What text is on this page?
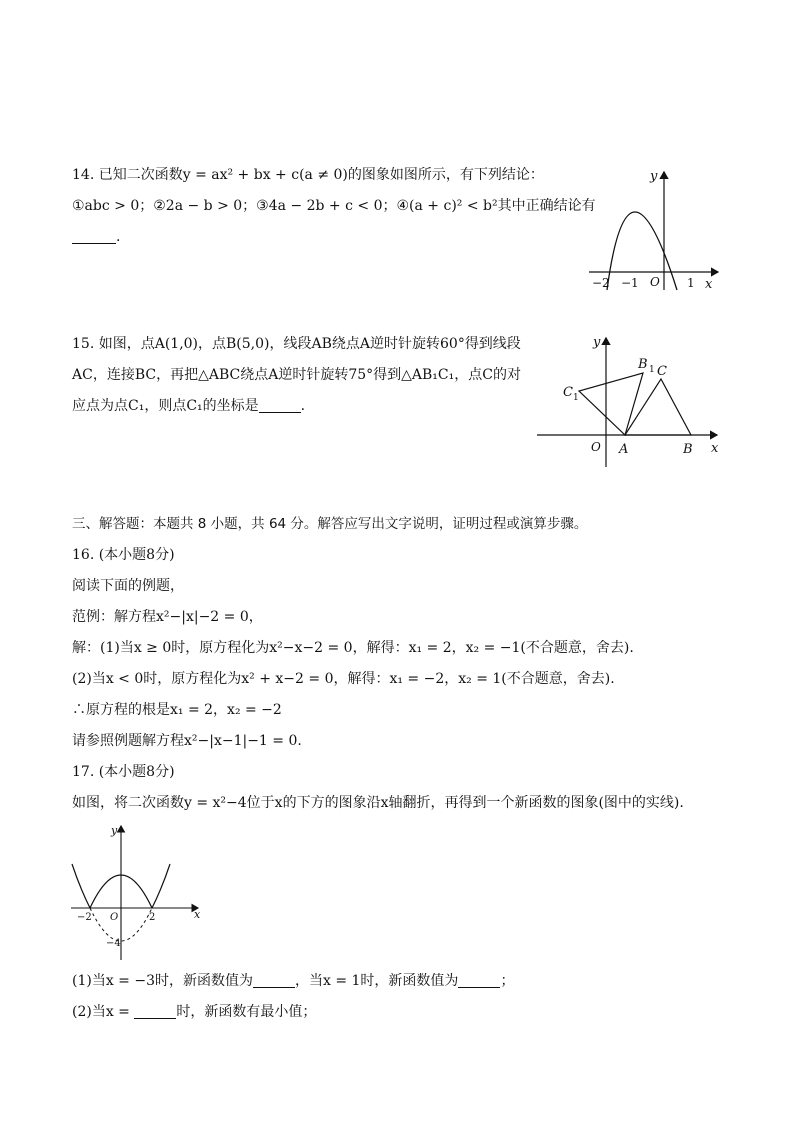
14. 已知二次函数y = ax² + bx + c(a ≠ 0)的图象如图所示，有下列结论：
①abc > 0；②2a − b > 0；③4a − 2b + c < 0；④(a + c)² < b²其中正确结论有
.
y
x
O
−2 −1	1
15. 如图，点A(1,0)，点B(5,0)，线段AB绕点A逆时针旋转60°得到线段
AC，连接BC，再把△ABC绕点A逆时针旋转75°得到△AB₁C₁，点C的对
应点为点C₁，则点C₁的坐标是	.
y
x
O A	B
C
B 1
C 1
三、解答题：本题共 8 小题，共 64 分。解答应写出文字说明，证明过程或演算步骤。
16. (本小题8分)
阅读下面的例题，
范例：解方程x²−|x|−2 = 0，
解：(1)当x ≥ 0时，原方程化为x²−x−2 = 0，解得：x₁ = 2，x₂ = −1(不合题意，舍去).
(2)当x < 0时，原方程化为x² + x−2 = 0，解得：x₁ = −2，x₂ = 1(不合题意，舍去).
∴原方程的根是x₁ = 2，x₂ = −2
请参照例题解方程x²−|x−1|−1 = 0.
17. (本小题8分)
如图，将二次函数y = x²−4位于x的下方的图象沿x轴翻折，再得到一个新函数的图象(图中的实线).
y
x
O
−2	2
−4
(1)当x = −3时，新函数值为	，当x = 1时，新函数值为	；
(2)当x =	时，新函数有最小值；
